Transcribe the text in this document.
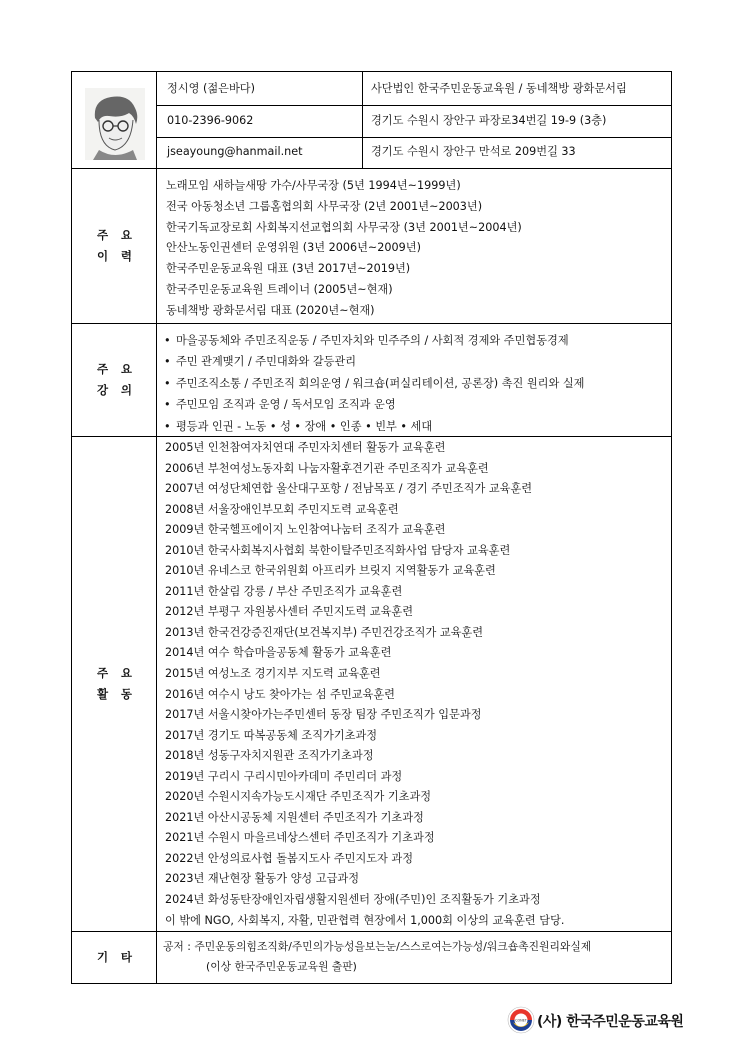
정시영 (젊은바다)
010-2396-9062
jseayoung@hanmail.net
사단법인 한국주민운동교육원 / 동네책방 광화문서림
경기도 수원시 장안구 파장로34번길 19-9 (3층)
경기도 수원시 장안구 만석로 209번길 33
주 요
이 력
노래모임 새하늘새땅 가수/사무국장 (5년 1994년~1999년)
전국 아동청소년 그룹홈협의회 사무국장 (2년 2001년~2003년)
한국기독교장로회 사회복지선교협의회 사무국장 (3년 2001년~2004년)
안산노동인권센터 운영위원 (3년 2006년~2009년)
한국주민운동교육원 대표 (3년 2017년~2019년)
한국주민운동교육원 트레이너 (2005년~현재)
동네책방 광화문서림 대표 (2020년~현재)
주 요
강 의
• 마을공동체와 주민조직운동 / 주민자치와 민주주의 / 사회적 경제와 주민협동경제
• 주민 관계맺기 / 주민대화와 갈등관리
• 주민조직소통 / 주민조직 회의운영 / 워크숍(퍼실리테이션, 공론장) 촉진 원리와 실제
• 주민모임 조직과 운영 / 독서모임 조직과 운영
• 평등과 인권 - 노동 • 성 • 장애 • 인종 • 빈부 • 세대
주 요
활 동
2005년 인천참여자치연대 주민자치센터 활동가 교육훈련
2006년 부천여성노동자회 나눔자활후견기관 주민조직가 교육훈련
2007년 여성단체연합 울산대구포항 / 전남목포 / 경기 주민조직가 교육훈련
2008년 서울장애인부모회 주민지도력 교육훈련
2009년 한국헬프에이지 노인참여나눔터 조직가 교육훈련
2010년 한국사회복지사협회 북한이탈주민조직화사업 담당자 교육훈련
2010년 유네스코 한국위원회 아프리카 브릿지 지역활동가 교육훈련
2011년 한살림 강릉 / 부산 주민조직가 교육훈련
2012년 부평구 자원봉사센터 주민지도력 교육훈련
2013년 한국건강증진재단(보건복지부) 주민건강조직가 교육훈련
2014년 여수 학습마을공동체 활동가 교육훈련
2015년 여성노조 경기지부 지도력 교육훈련
2016년 여수시 낭도 찾아가는 섬 주민교육훈련
2017년 서울시찾아가는주민센터 동장 팀장 주민조직가 입문과정
2017년 경기도 따복공동체 조직가기초과정
2018년 성동구자치지원관 조직가기초과정
2019년 구리시 구리시민아카데미 주민리더 과정
2020년 수원시지속가능도시재단 주민조직가 기초과정
2021년 아산시공동체 지원센터 주민조직가 기초과정
2021년 수원시 마을르네상스센터 주민조직가 기초과정
2022년 안성의료사협 돌봄지도사 주민지도자 과정
2023년 재난현장 활동가 양성 고급과정
2024년 화성동탄장애인자립생활지원센터 장애(주민)인 조직활동가 기초과정
이 밖에 NGO, 사회복지, 자활, 민관협력 현장에서 1,000회 이상의 교육훈련 담당.
기 타
공저 : 주민운동의힘조직화/주민의가능성을보는눈/스스로여는가능성/워크숍촉진원리와실제
(이상 한국주민운동교육원 출판)
CONET (사) 한국주민운동교육원
